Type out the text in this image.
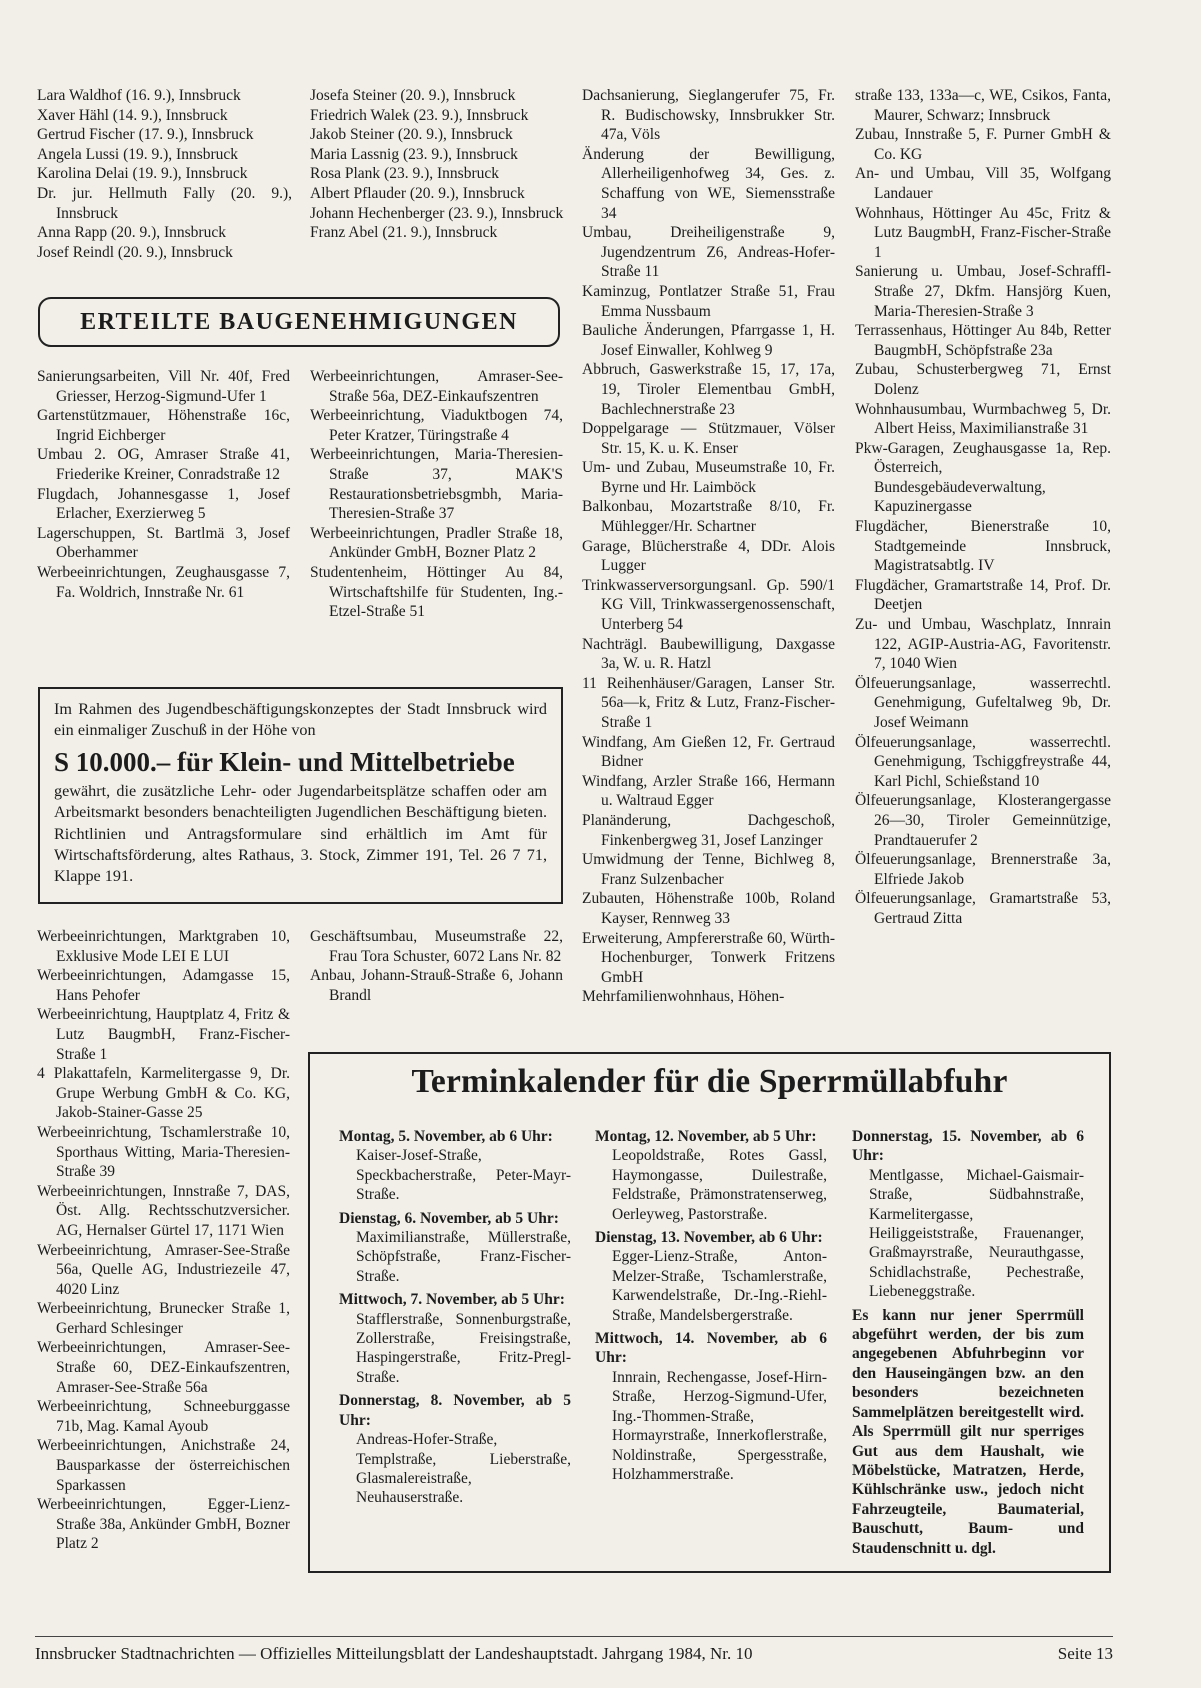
Lara Waldhof (16. 9.), Innsbruck

Xaver Hähl (14. 9.), Innsbruck

Gertrud Fischer (17. 9.), Innsbruck

Angela Lussi (19. 9.), Innsbruck

Karolina Delai (19. 9.), Innsbruck

Dr. jur. Hellmuth Fally (20. 9.), Innsbruck

Anna Rapp (20. 9.), Innsbruck

Josef Reindl (20. 9.), Innsbruck

Josefa Steiner (20. 9.), Innsbruck

Friedrich Walek (23. 9.), Innsbruck

Jakob Steiner (20. 9.), Innsbruck

Maria Lassnig (23. 9.), Innsbruck

Rosa Plank (23. 9.), Innsbruck

Albert Pflauder (20. 9.), Innsbruck

Johann Hechenberger (23. 9.), Innsbruck

Franz Abel (21. 9.), Innsbruck

ERTEILTE BAUGENEHMIGUNGEN

Sanierungsarbeiten, Vill Nr. 40f, Fred Griesser, Herzog-Sigmund-Ufer 1

Gartenstützmauer, Höhenstraße 16c, Ingrid Eichberger

Umbau 2. OG, Amraser Straße 41, Friederike Kreiner, Conradstraße 12

Flugdach, Johannesgasse 1, Josef Erlacher, Exerzierweg 5

Lagerschuppen, St. Bartlmä 3, Josef Oberhammer

Werbeeinrichtungen, Zeughausgasse 7, Fa. Woldrich, Innstraße Nr. 61

Werbeeinrichtungen, Amraser-See-Straße 56a, DEZ-Einkaufszentren

Werbeeinrichtung, Viaduktbogen 74, Peter Kratzer, Türingstraße 4

Werbeeinrichtungen, Maria-Theresien-Straße 37, MAK'S Restaurationsbetriebsgmbh, Maria-Theresien-Straße 37

Werbeeinrichtungen, Pradler Straße 18, Ankünder GmbH, Bozner Platz 2

Studentenheim, Höttinger Au 84, Wirtschaftshilfe für Studenten, Ing.-Etzel-Straße 51

Im Rahmen des Jugendbeschäftigungskonzeptes der Stadt Innsbruck wird ein einmaliger Zuschuß in der Höhe von

S 10.000.– für Klein- und Mittelbetriebe

gewährt, die zusätzliche Lehr- oder Jugendarbeitsplätze schaffen oder am Arbeitsmarkt besonders benachteiligten Jugendlichen Beschäftigung bieten. Richtlinien und Antragsformulare sind erhältlich im Amt für Wirtschaftsförderung, altes Rathaus, 3. Stock, Zimmer 191, Tel. 26 7 71, Klappe 191.

Werbeeinrichtungen, Marktgraben 10, Exklusive Mode LEI E LUI

Werbeeinrichtungen, Adamgasse 15, Hans Pehofer

Werbeeinrichtung, Hauptplatz 4, Fritz & Lutz BaugmbH, Franz-Fischer-Straße 1

4 Plakattafeln, Karmelitergasse 9, Dr. Grupe Werbung GmbH & Co. KG, Jakob-Stainer-Gasse 25

Werbeeinrichtung, Tschamlerstraße 10, Sporthaus Witting, Maria-Theresien-Straße 39

Werbeeinrichtungen, Innstraße 7, DAS, Öst. Allg. Rechtsschutzversicher. AG, Hernalser Gürtel 17, 1171 Wien

Werbeeinrichtung, Amraser-See-Straße 56a, Quelle AG, Industriezeile 47, 4020 Linz

Werbeeinrichtung, Brunecker Straße 1, Gerhard Schlesinger

Werbeeinrichtungen, Amraser-See-Straße 60, DEZ-Einkaufszentren, Amraser-See-Straße 56a

Werbeeinrichtung, Schneeburggasse 71b, Mag. Kamal Ayoub

Werbeeinrichtungen, Anichstraße 24, Bausparkasse der österreichischen Sparkassen

Werbeeinrichtungen, Egger-Lienz-Straße 38a, Ankünder GmbH, Bozner Platz 2

Geschäftsumbau, Museumstraße 22, Frau Tora Schuster, 6072 Lans Nr. 82

Anbau, Johann-Strauß-Straße 6, Johann Brandl

Dachsanierung, Sieglangerufer 75, Fr. R. Budischowsky, Innsbrukker Str. 47a, Völs

Änderung der Bewilligung, Allerheiligenhofweg 34, Ges. z. Schaffung von WE, Siemensstraße 34

Umbau, Dreiheiligenstraße 9, Jugendzentrum Z6, Andreas-Hofer-Straße 11

Kaminzug, Pontlatzer Straße 51, Frau Emma Nussbaum

Bauliche Änderungen, Pfarrgasse 1, H. Josef Einwaller, Kohlweg 9

Abbruch, Gaswerkstraße 15, 17, 17a, 19, Tiroler Elementbau GmbH, Bachlechnerstraße 23

Doppelgarage — Stützmauer, Völser Str. 15, K. u. K. Enser

Um- und Zubau, Museumstraße 10, Fr. Byrne und Hr. Laimböck

Balkonbau, Mozartstraße 8/10, Fr. Mühlegger/Hr. Schartner

Garage, Blücherstraße 4, DDr. Alois Lugger

Trinkwasserversorgungsanl. Gp. 590/1 KG Vill, Trinkwassergenossenschaft, Unterberg 54

Nachträgl. Baubewilligung, Daxgasse 3a, W. u. R. Hatzl

11 Reihenhäuser/Garagen, Lanser Str. 56a—k, Fritz & Lutz, Franz-Fischer-Straße 1

Windfang, Am Gießen 12, Fr. Gertraud Bidner

Windfang, Arzler Straße 166, Hermann u. Waltraud Egger

Planänderung, Dachgeschoß, Finkenbergweg 31, Josef Lanzinger

Umwidmung der Tenne, Bichlweg 8, Franz Sulzenbacher

Zubauten, Höhenstraße 100b, Roland Kayser, Rennweg 33

Erweiterung, Ampfererstraße 60, Würth-Hochenburger, Tonwerk Fritzens GmbH

Mehrfamilienwohnhaus, Höhen-

straße 133, 133a—c, WE, Csikos, Fanta, Maurer, Schwarz; Innsbruck

Zubau, Innstraße 5, F. Purner GmbH & Co. KG

An- und Umbau, Vill 35, Wolfgang Landauer

Wohnhaus, Höttinger Au 45c, Fritz & Lutz BaugmbH, Franz-Fischer-Straße 1

Sanierung u. Umbau, Josef-Schraffl-Straße 27, Dkfm. Hansjörg Kuen, Maria-Theresien-Straße 3

Terrassenhaus, Höttinger Au 84b, Retter BaugmbH, Schöpfstraße 23a

Zubau, Schusterbergweg 71, Ernst Dolenz

Wohnhausumbau, Wurmbachweg 5, Dr. Albert Heiss, Maximilianstraße 31

Pkw-Garagen, Zeughausgasse 1a, Rep. Österreich, Bundesgebäudeverwaltung, Kapuzinergasse

Flugdächer, Bienerstraße 10, Stadtgemeinde Innsbruck, Magistratsabtlg. IV

Flugdächer, Gramartstraße 14, Prof. Dr. Deetjen

Zu- und Umbau, Waschplatz, Innrain 122, AGIP-Austria-AG, Favoritenstr. 7, 1040 Wien

Ölfeuerungsanlage, wasserrechtl. Genehmigung, Gufeltalweg 9b, Dr. Josef Weimann

Ölfeuerungsanlage, wasserrechtl. Genehmigung, Tschiggfreystraße 44, Karl Pichl, Schießstand 10

Ölfeuerungsanlage, Klosterangergasse 26—30, Tiroler Gemeinnützige, Prandtauerufer 2

Ölfeuerungsanlage, Brennerstraße 3a, Elfriede Jakob

Ölfeuerungsanlage, Gramartstraße 53, Gertraud Zitta

Terminkalender für die Sperrmüllabfuhr
Montag, 5. November, ab 6 Uhr:
Kaiser-Josef-Straße, Speckbacherstraße, Peter-Mayr-Straße.
Dienstag, 6. November, ab 5 Uhr:
Maximilianstraße, Müllerstraße, Schöpfstraße, Franz-Fischer-Straße.
Mittwoch, 7. November, ab 5 Uhr:
Stafflerstraße, Sonnenburgstraße, Zollerstraße, Freisingstraße, Haspingerstraße, Fritz-Pregl-Straße.
Donnerstag, 8. November, ab 5 Uhr:
Andreas-Hofer-Straße, Templstraße, Lieberstraße, Glasmalereistraße, Neuhauserstraße.
Montag, 12. November, ab 5 Uhr:
Leopoldstraße, Rotes Gassl, Haymongasse, Duilestraße, Feldstraße, Prämonstratenserweg, Oerleyweg, Pastorstraße.
Dienstag, 13. November, ab 6 Uhr:
Egger-Lienz-Straße, Anton-Melzer-Straße, Tschamlerstraße, Karwendelstraße, Dr.-Ing.-Riehl-Straße, Mandelsbergerstraße.
Mittwoch, 14. November, ab 6 Uhr:
Innrain, Rechengasse, Josef-Hirn-Straße, Herzog-Sigmund-Ufer, Ing.-Thommen-Straße, Hormayrstraße, Innerkoflerstraße, Noldinstraße, Spergesstraße, Holzhammerstraße.
Donnerstag, 15. November, ab 6 Uhr:
Mentlgasse, Michael-Gaismair-Straße, Südbahnstraße, Karmelitergasse, Heiliggeiststraße, Frauenanger, Graßmayrstraße, Neurauthgasse, Schidlachstraße, Pechestraße, Liebeneggstraße.
Es kann nur jener Sperrmüll abgeführt werden, der bis zum angegebenen Abfuhrbeginn vor den Hauseingängen bzw. an den besonders bezeichneten Sammelplätzen bereitgestellt wird. Als Sperrmüll gilt nur sperriges Gut aus dem Haushalt, wie Möbelstücke, Matratzen, Herde, Kühlschränke usw., jedoch nicht Fahrzeugteile, Baumaterial, Bauschutt, Baum- und Staudenschnitt u. dgl.
Innsbrucker Stadtnachrichten — Offizielles Mitteilungsblatt der Landeshauptstadt. Jahrgang 1984, Nr. 10	Seite 13
